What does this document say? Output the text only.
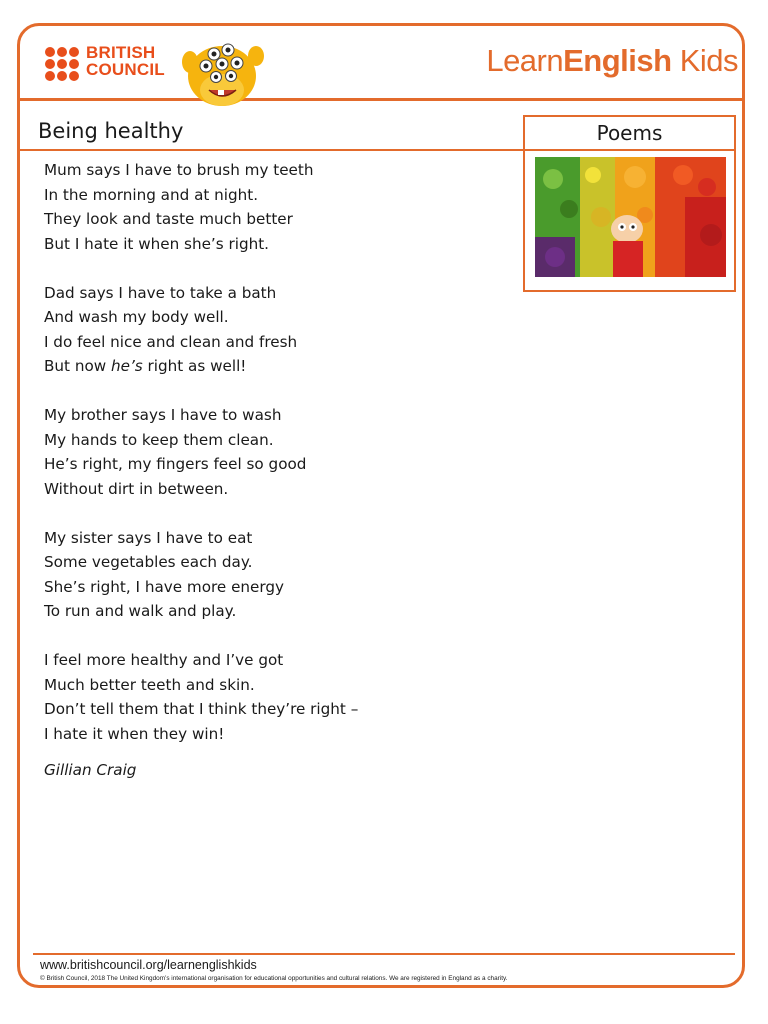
BRITISH
COUNCIL	LearnEnglish Kids
Being healthy	Poems
Mum says I have to brush my teeth
In the morning and at night.
They look and taste much better
But I hate it when she’s right.
Dad says I have to take a bath
And wash my body well.
I do feel nice and clean and fresh
But now he’s right as well!
My brother says I have to wash
My hands to keep them clean.
He’s right, my fingers feel so good
Without dirt in between.
My sister says I have to eat
Some vegetables each day.
She’s right, I have more energy
To run and walk and play.
I feel more healthy and I’ve got
Much better teeth and skin.
Don’t tell them that I think they’re right –
I hate it when they win!
Gillian Craig
www.britishcouncil.org/learnenglishkids
© British Council, 2018 The United Kingdom’s international organisation for educational opportunities and cultural relations. We are registered in England as a charity.
